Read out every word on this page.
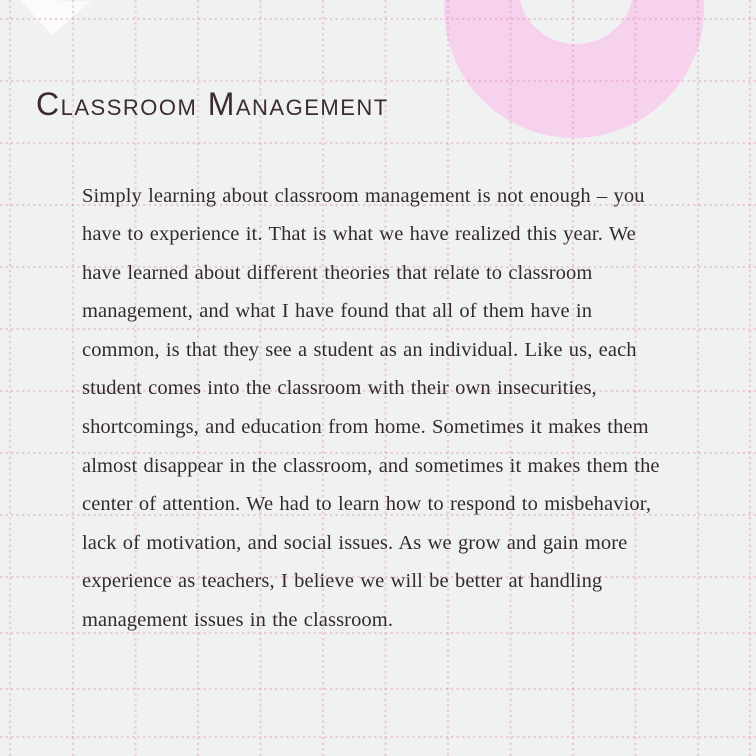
Classroom Management
Simply learning about classroom management is not enough – you
have to experience it. That is what we have realized this year. We
have learned about different theories that relate to classroom
management, and what I have found that all of them have in
common, is that they see a student as an individual. Like us, each
student comes into the classroom with their own insecurities,
shortcomings, and education from home. Sometimes it makes them
almost disappear in the classroom, and sometimes it makes them the
center of attention. We had to learn how to respond to misbehavior,
lack of motivation, and social issues. As we grow and gain more
experience as teachers, I believe we will be better at handling
management issues in the classroom.
